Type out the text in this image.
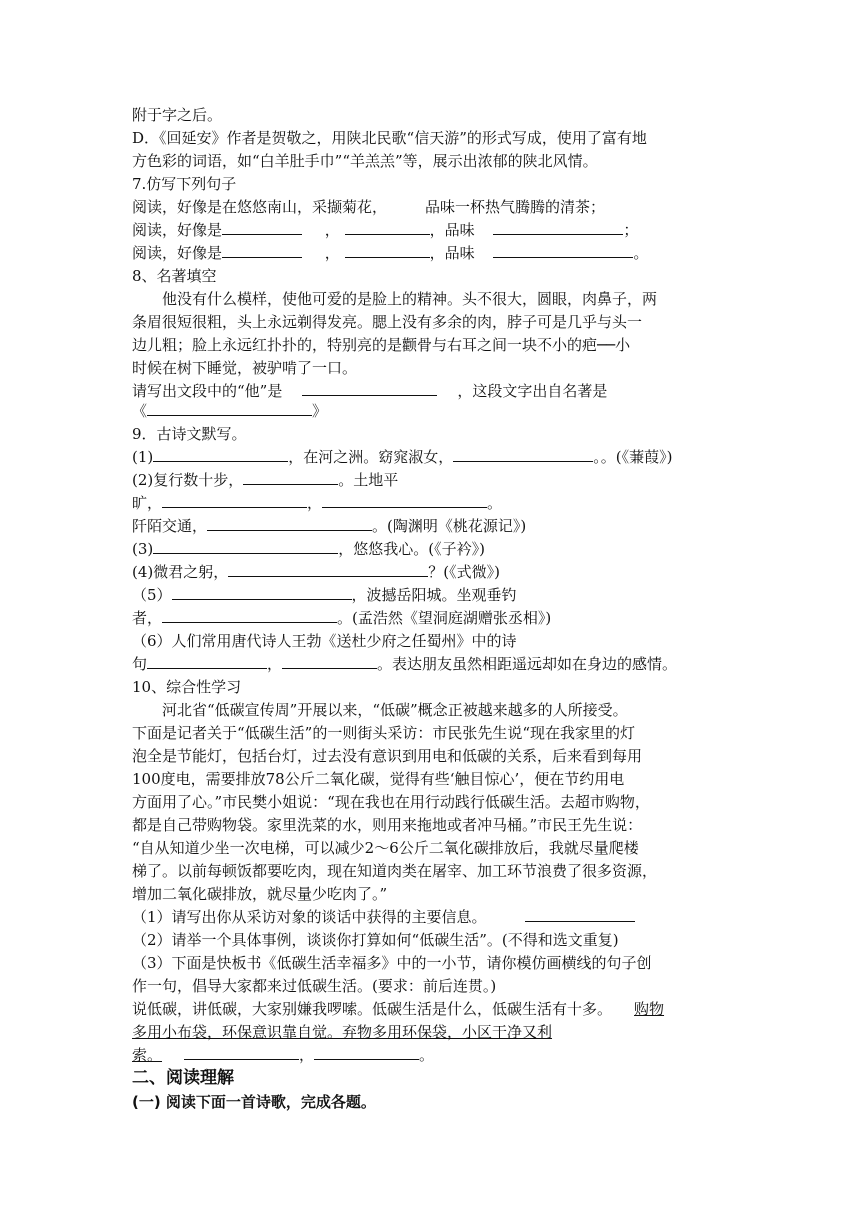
附于字之后。
D．《回延安》作者是贺敬之，用陕北民歌“信天游”的形式写成，使用了富有地
方色彩的词语，如“白羊肚手巾”“羊羔羔”等，展示出浓郁的陕北风情。
7.仿写下列句子
阅读，好像是在悠悠南山，采撷菊花，	品味一杯热气腾腾的清茶；
阅读，好像是	，	，品味	；
阅读，好像是	，	，品味	。
8、名著填空
他没有什么模样，使他可爱的是脸上的精神。头不很大，圆眼，肉鼻子，两
条眉很短很粗，头上永远剃得发亮。腮上没有多余的肉，脖子可是几乎与头一
边儿粗；脸上永远红扑扑的，特别亮的是颧骨与右耳之间一块不小的疤──小
时候在树下睡觉，被驴啃了一口。
请写出文段中的“他”是	，这段文字出自名著是
《	》
9．古诗文默写。
(1)	，在河之洲。窈窕淑女，	。。(《蒹葭》)
(2)复行数十步，	。土地平
旷，	，	。
阡陌交通，	。(陶渊明《桃花源记》)
(3)	，悠悠我心。(《子衿》)
(4)微君之躬，	？(《式微》)
（5）	，波撼岳阳城。坐观垂钓
者，	。(孟浩然《望洞庭湖赠张丞相》)
（6）人们常用唐代诗人王勃《送杜少府之任蜀州》中的诗
句	，	。表达朋友虽然相距遥远却如在身边的感情。
10、综合性学习
河北省“低碳宣传周”开展以来，“低碳”概念正被越来越多的人所接受。
下面是记者关于“低碳生活”的一则街头采访：市民张先生说“现在我家里的灯
泡全是节能灯，包括台灯，过去没有意识到用电和低碳的关系，后来看到每用
100度电，需要排放78公斤二氧化碳，觉得有些‘触目惊心’，便在节约用电
方面用了心。”市民樊小姐说：“现在我也在用行动践行低碳生活。去超市购物，
都是自己带购物袋。家里洗菜的水，则用来拖地或者冲马桶。”市民王先生说：
“自从知道少坐一次电梯，可以减少2～6公斤二氧化碳排放后，我就尽量爬楼
梯了。以前每顿饭都要吃肉，现在知道肉类在屠宰、加工环节浪费了很多资源，
增加二氧化碳排放，就尽量少吃肉了。”
（1）请写出你从采访对象的谈话中获得的主要信息。
（2）请举一个具体事例，谈谈你打算如何“低碳生活”。(不得和选文重复)
（3）下面是快板书《低碳生活幸福多》中的一小节，请你模仿画横线的句子创
作一句，倡导大家都来过低碳生活。(要求：前后连贯。)
说低碳，讲低碳，大家别嫌我啰嗦。低碳生活是什么，低碳生活有十多。 购物
多用小布袋，环保意识靠自觉。弃物多用环保袋，小区干净又利
索。	，	。
二、阅读理解
(一) 阅读下面一首诗歌，完成各题。
